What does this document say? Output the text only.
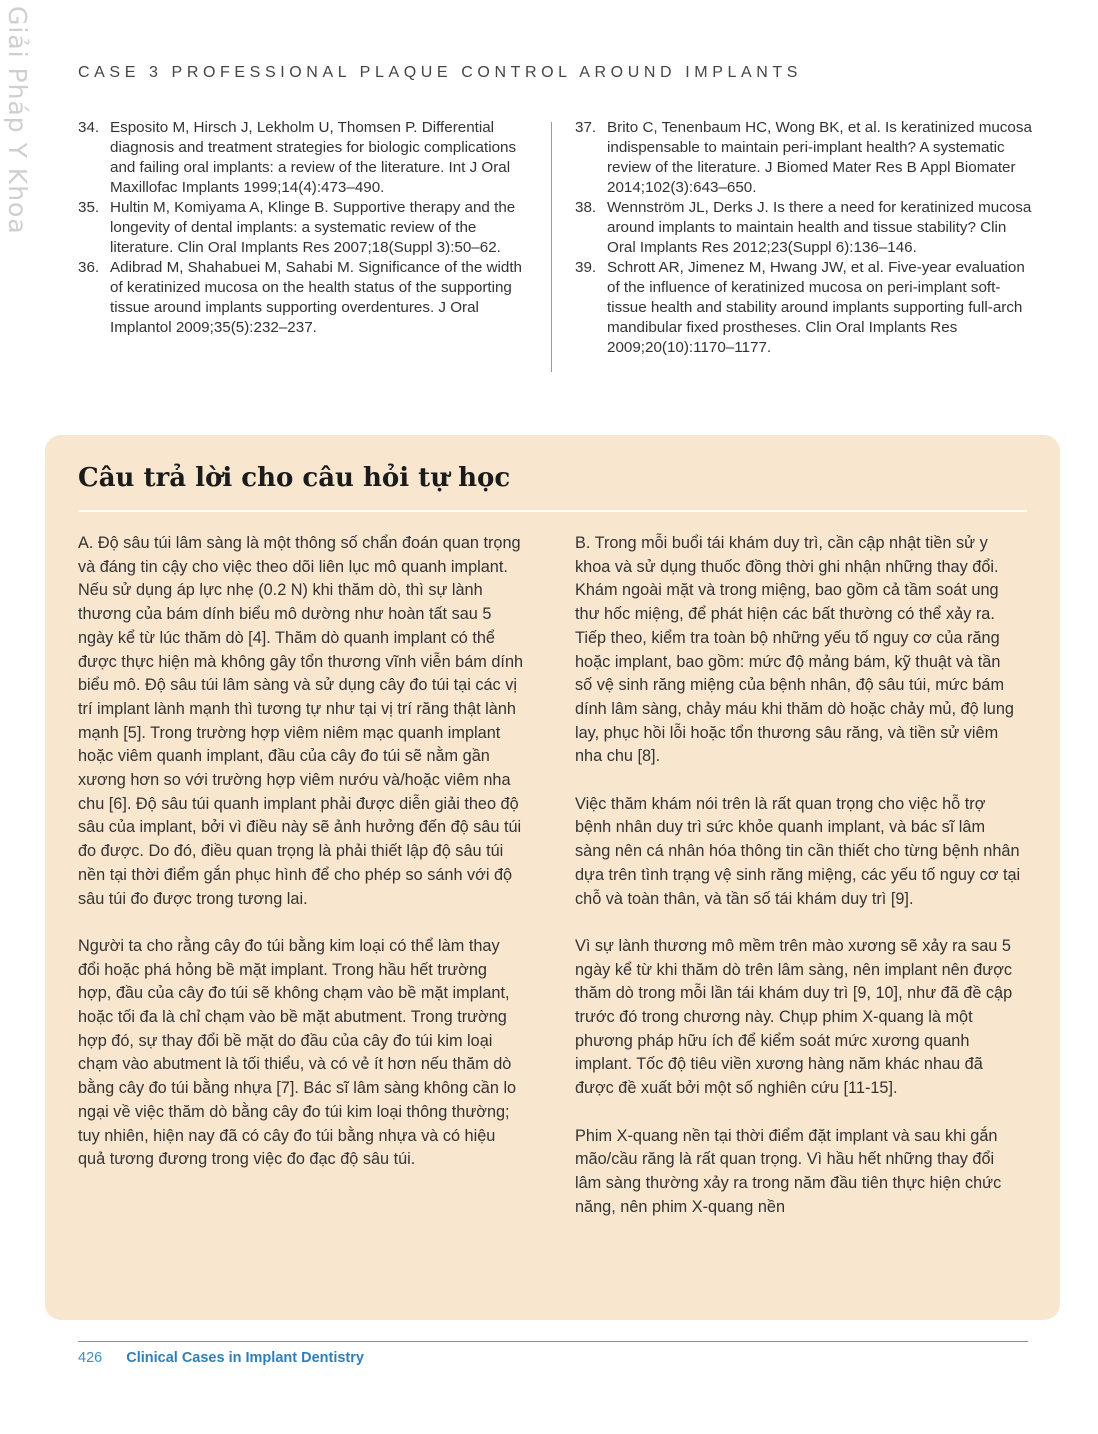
Giải Pháp Y Khoa	CASE 3 PROFESSIONAL PLAQUE CONTROL AROUND IMPLANTS

34. Esposito M, Hirsch J, Lekholm U, Thomsen P. Differential diagnosis and treatment strategies for biologic complications and failing oral implants: a review of the literature. Int J Oral Maxillofac Implants 1999;14(4):473–490.

35. Hultin M, Komiyama A, Klinge B. Supportive therapy and the longevity of dental implants: a systematic review of the literature. Clin Oral Implants Res 2007;18(Suppl 3):50–62.

36. Adibrad M, Shahabuei M, Sahabi M. Significance of the width of keratinized mucosa on the health status of the supporting tissue around implants supporting overdentures. J Oral Implantol 2009;35(5):232–237.

37. Brito C, Tenenbaum HC, Wong BK, et al. Is keratinized mucosa indispensable to maintain peri-implant health? A systematic review of the literature. J Biomed Mater Res B Appl Biomater 2014;102(3):643–650.

38. Wennström JL, Derks J. Is there a need for keratinized mucosa around implants to maintain health and tissue stability? Clin Oral Implants Res 2012;23(Suppl 6):136–146.

39. Schrott AR, Jimenez M, Hwang JW, et al. Five-year evaluation of the influence of keratinized mucosa on peri-implant soft-tissue health and stability around implants supporting full-arch mandibular fixed prostheses. Clin Oral Implants Res 2009;20(10):1170–1177.

Câu trả lời cho câu hỏi tự học

A. Độ sâu túi lâm sàng là một thông số chẩn đoán quan trọng và đáng tin cậy cho việc theo dõi liên lục mô quanh implant. Nếu sử dụng áp lực nhẹ (0.2 N) khi thăm dò, thì sự lành thương của bám dính biểu mô dường như hoàn tất sau 5 ngày kể từ lúc thăm dò [4]. Thăm dò quanh implant có thể được thực hiện mà không gây tổn thương vĩnh viễn bám dính biểu mô. Độ sâu túi lâm sàng và sử dụng cây đo túi tại các vị trí implant lành mạnh thì tương tự như tại vị trí răng thật lành mạnh [5]. Trong trường hợp viêm niêm mạc quanh implant hoặc viêm quanh implant, đầu của cây đo túi sẽ nằm gần xương hơn so với trường hợp viêm nướu và/hoặc viêm nha chu [6]. Độ sâu túi quanh implant phải được diễn giải theo độ sâu của implant, bởi vì điều này sẽ ảnh hưởng đến độ sâu túi đo được. Do đó, điều quan trọng là phải thiết lập độ sâu túi nền tại thời điểm gắn phục hình để cho phép so sánh với độ sâu túi đo được trong tương lai.

Người ta cho rằng cây đo túi bằng kim loại có thể làm thay đổi hoặc phá hỏng bề mặt implant. Trong hầu hết trường hợp, đầu của cây đo túi sẽ không chạm vào bề mặt implant, hoặc tối đa là chỉ chạm vào bề mặt abutment. Trong trường hợp đó, sự thay đổi bề mặt do đầu của cây đo túi kim loại chạm vào abutment là tối thiểu, và có vẻ ít hơn nếu thăm dò bằng cây đo túi bằng nhựa [7]. Bác sĩ lâm sàng không cần lo ngại về việc thăm dò bằng cây đo túi kim loại thông thường; tuy nhiên, hiện nay đã có cây đo túi bằng nhựa và có hiệu quả tương đương trong việc đo đạc độ sâu túi.

B. Trong mỗi buổi tái khám duy trì, cần cập nhật tiền sử y khoa và sử dụng thuốc đồng thời ghi nhận những thay đổi. Khám ngoài mặt và trong miệng, bao gồm cả tầm soát ung thư hốc miệng, để phát hiện các bất thường có thể xảy ra. Tiếp theo, kiểm tra toàn bộ những yếu tố nguy cơ của răng hoặc implant, bao gồm: mức độ mảng bám, kỹ thuật và tần số vệ sinh răng miệng của bệnh nhân, độ sâu túi, mức bám dính lâm sàng, chảy máu khi thăm dò hoặc chảy mủ, độ lung lay, phục hồi lỗi hoặc tổn thương sâu răng, và tiền sử viêm nha chu [8].

Việc thăm khám nói trên là rất quan trọng cho việc hỗ trợ bệnh nhân duy trì sức khỏe quanh implant, và bác sĩ lâm sàng nên cá nhân hóa thông tin cần thiết cho từng bệnh nhân dựa trên tình trạng vệ sinh răng miệng, các yếu tố nguy cơ tại chỗ và toàn thân, và tần số tái khám duy trì [9].

Vì sự lành thương mô mềm trên mào xương sẽ xảy ra sau 5 ngày kể từ khi thăm dò trên lâm sàng, nên implant nên được thăm dò trong mỗi lần tái khám duy trì [9, 10], như đã đề cập trước đó trong chương này. Chụp phim X-quang là một phương pháp hữu ích để kiểm soát mức xương quanh implant. Tốc độ tiêu viền xương hàng năm khác nhau đã được đề xuất bởi một số nghiên cứu [11-15].

Phim X-quang nền tại thời điểm đặt implant và sau khi gắn mão/cầu răng là rất quan trọng. Vì hầu hết những thay đổi lâm sàng thường xảy ra trong năm đầu tiên thực hiện chức năng, nên phim X-quang nền

426 Clinical Cases in Implant Dentistry
